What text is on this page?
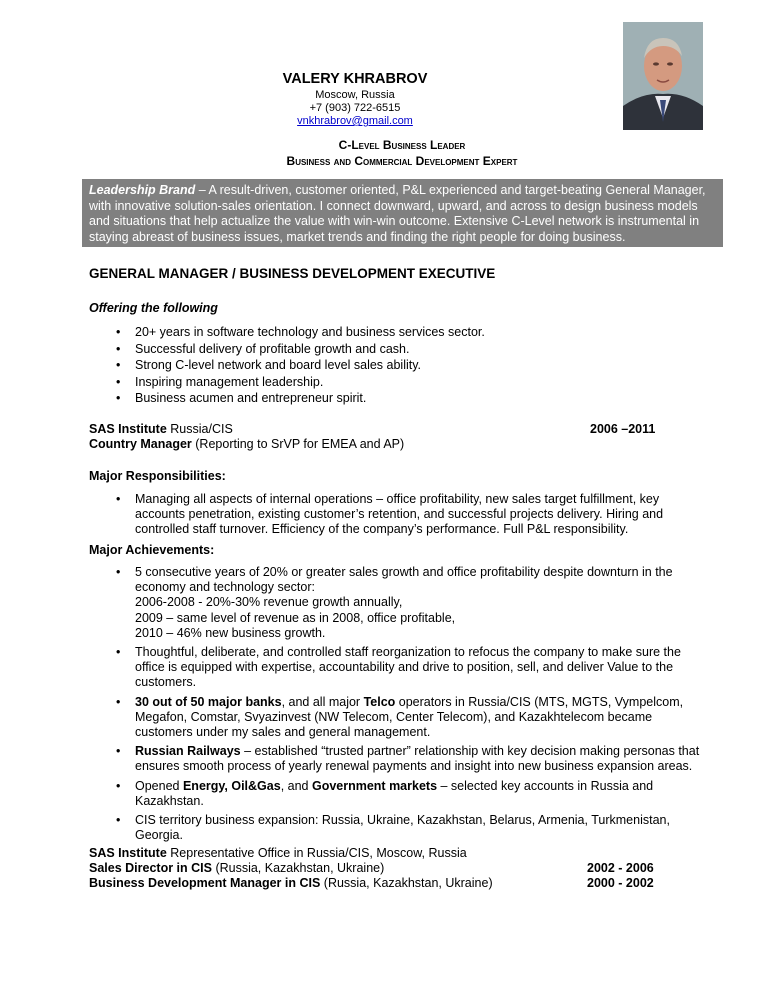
VALERY KHRABROV
Moscow, Russia
+7 (903) 722-6515
vnkhrabrov@gmail.com
C-Level Business Leader
Business and Commercial Development Expert
Leadership Brand – A result-driven, customer oriented, P&L experienced and target-beating General Manager, with innovative solution-sales orientation. I connect downward, upward, and across to design business models and situations that help actualize the value with win-win outcome. Extensive C-Level network is instrumental in staying abreast of business issues, market trends and finding the right people for doing business.
GENERAL MANAGER / BUSINESS DEVELOPMENT EXECUTIVE
Offering the following
• 20+ years in software technology and business services sector.
• Successful delivery of profitable growth and cash.
• Strong C-level network and board level sales ability.
• Inspiring management leadership.
• Business acumen and entrepreneur spirit.
SAS Institute Russia/CIS	2006 –2011
Country Manager (Reporting to SrVP for EMEA and AP)
Major Responsibilities:
• Managing all aspects of internal operations – office profitability, new sales target fulfillment, key accounts penetration, existing customer’s retention, and successful projects delivery. Hiring and controlled staff turnover. Efficiency of the company’s performance. Full P&L responsibility.
Major Achievements:
• 5 consecutive years of 20% or greater sales growth and office profitability despite downturn in the economy and technology sector:
2006-2008 - 20%-30% revenue growth annually,
2009 – same level of revenue as in 2008, office profitable,
2010 – 46% new business growth.
• Thoughtful, deliberate, and controlled staff reorganization to refocus the company to make sure the office is equipped with expertise, accountability and drive to position, sell, and deliver Value to the customers.
• 30 out of 50 major banks, and all major Telco operators in Russia/CIS (MTS, MGTS, Vympelcom, Megafon, Comstar, Svyazinvest (NW Telecom, Center Telecom), and Kazakhtelecom became customers under my sales and general management.
• Russian Railways – established “trusted partner” relationship with key decision making personas that ensures smooth process of yearly renewal payments and insight into new business expansion areas.
• Opened Energy, Oil&Gas, and Government markets – selected key accounts in Russia and Kazakhstan.
• CIS territory business expansion: Russia, Ukraine, Kazakhstan, Belarus, Armenia, Turkmenistan, Georgia.
SAS Institute Representative Office in Russia/CIS, Moscow, Russia
Sales Director in CIS (Russia, Kazakhstan, Ukraine)	2002 - 2006
Business Development Manager in CIS (Russia, Kazakhstan, Ukraine)	2000 - 2002
